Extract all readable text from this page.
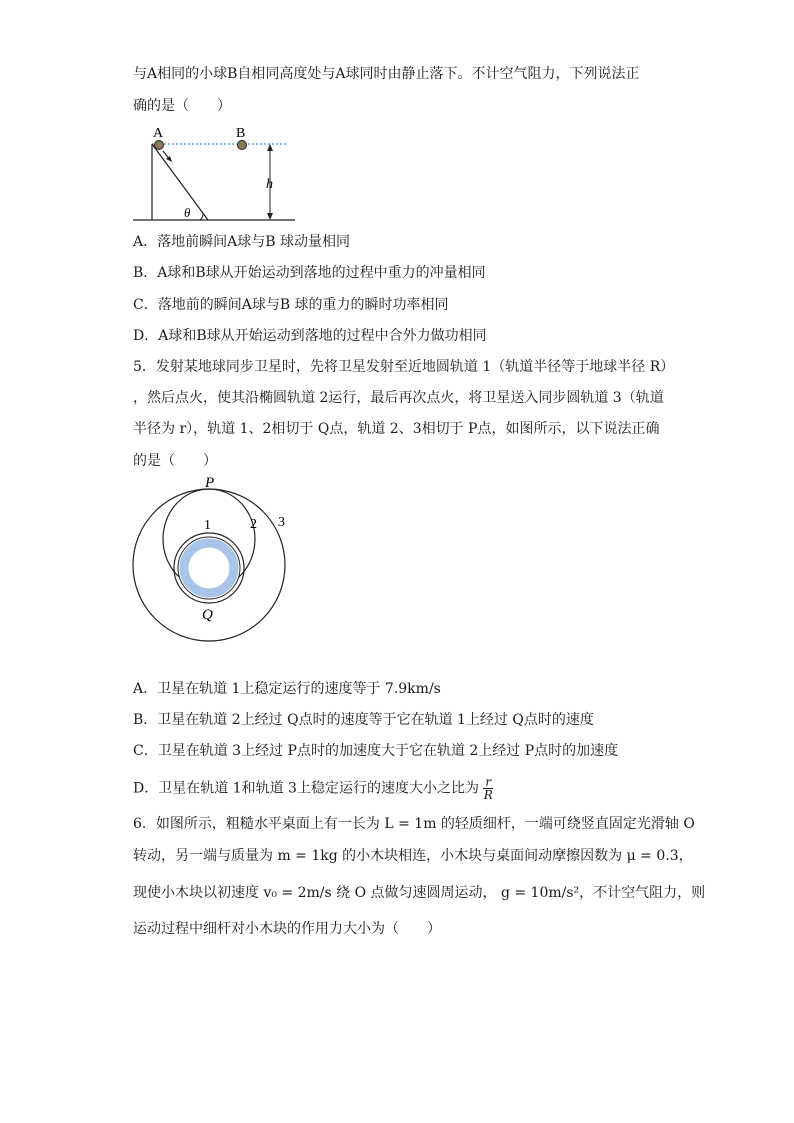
与A相同的小球B自相同高度处与A球同时由静止落下。不计空气阻力，下列说法正
确的是（　　）
A	B
h
θ
A．落地前瞬间A球与B 球动量相同
B．A球和B球从开始运动到落地的过程中重力的冲量相同
C．落地前的瞬间A球与B 球的重力的瞬时功率相同
D．A球和B球从开始运动到落地的过程中合外力做功相同
5．发射某地球同步卫星时，先将卫星发射至近地圆轨道 1（轨道半径等于地球半径 R）
，然后点火，使其沿椭圆轨道 2运行，最后再次点火，将卫星送入同步圆轨道 3（轨道
半径为 r），轨道 1、2相切于 Q点，轨道 2、3相切于 P点，如图所示，以下说法正确
的是（　　）
P
1	2 3
Q
A．卫星在轨道 1上稳定运行的速度等于 7.9km/s
B．卫星在轨道 2上经过 Q点时的速度等于它在轨道 1上经过 Q点时的速度
C．卫星在轨道 3上经过 P点时的加速度大于它在轨道 2上经过 P点时的加速度
D．卫星在轨道 1和轨道 3上稳定运行的速度大小之比为 $\frac{r}{R}$
6．如图所示，粗糙水平桌面上有一长为 L = 1m 的轻质细杆，一端可绕竖直固定光滑轴 O
转动，另一端与质量为 m = 1kg 的小木块相连，小木块与桌面间动摩擦因数为 μ = 0.3，
现使小木块以初速度 v₀ = 2m/s 绕 O 点做匀速圆周运动， g = 10m/s²，不计空气阻力，则
运动过程中细杆对小木块的作用力大小为（　　）
